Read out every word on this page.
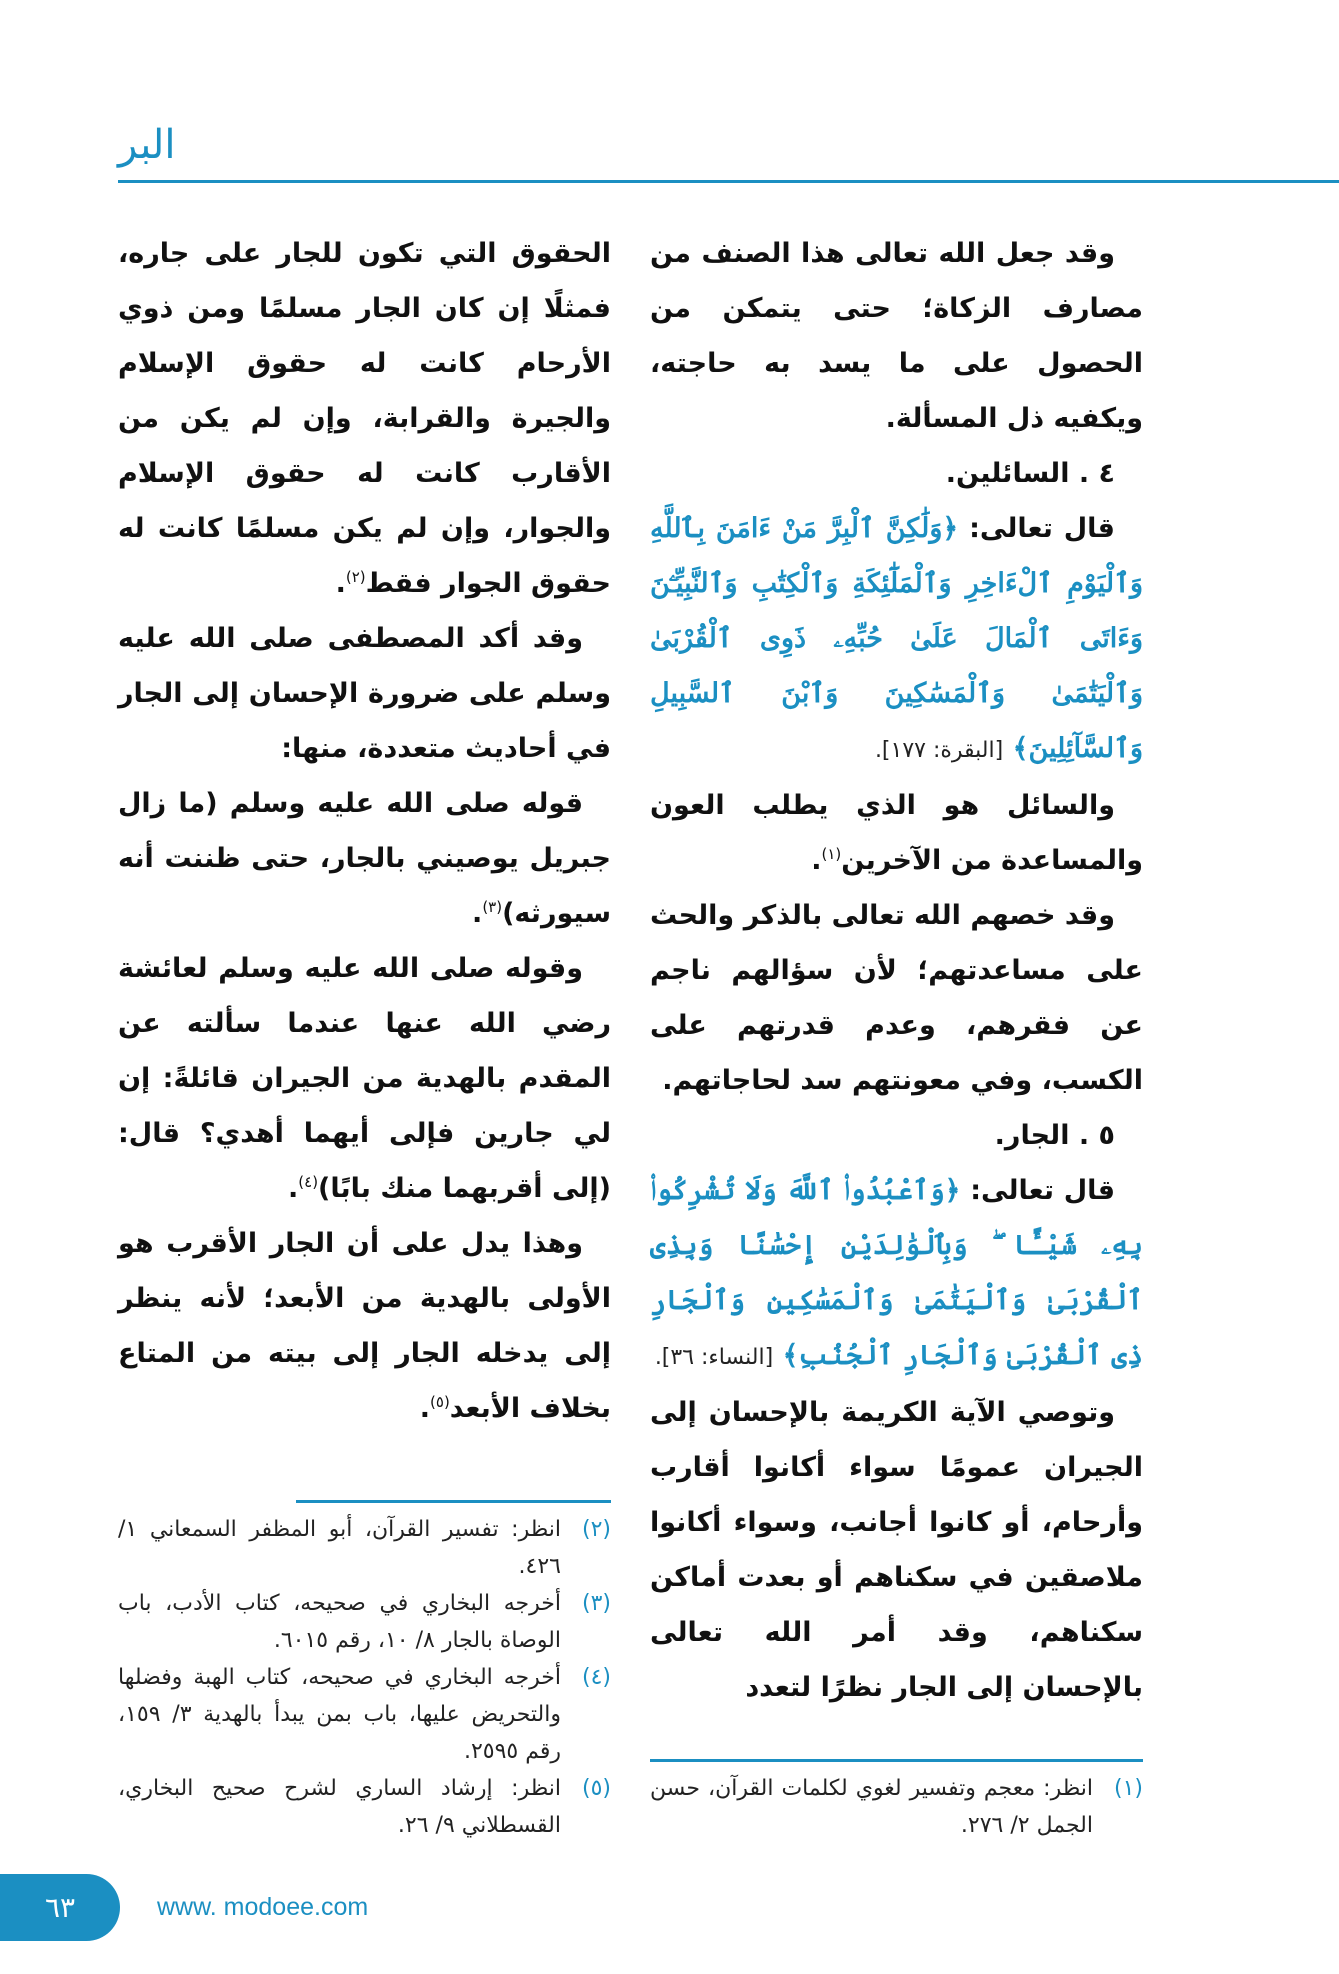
البر

وقد جعل الله تعالى هذا الصنف من مصارف الزكاة؛ حتى يتمكن من الحصول على ما يسد به حاجته، ويكفيه ذل المسألة.

٤ . السائلين.

قال تعالى: ﴿وَلَٰكِنَّ ٱلْبِرَّ مَنْ ءَامَنَ بِٱللَّهِ وَٱلْيَوْمِ ٱلْءَاخِرِ وَٱلْمَلَٰٓئِكَةِ وَٱلْكِتَٰبِ وَٱلنَّبِيِّـۧنَ وَءَاتَى ٱلْمَالَ عَلَىٰ حُبِّهِۦ ذَوِى ٱلْقُرْبَىٰ وَٱلْيَتَٰمَىٰ وَٱلْمَسَٰكِينَ وَٱبْنَ ٱلسَّبِيلِ وَٱلسَّآئِلِينَ﴾ [البقرة: ١٧٧].

والسائل هو الذي يطلب العون والمساعدة من الآخرين$^{(١)}$.

وقد خصهم الله تعالى بالذكر والحث على مساعدتهم؛ لأن سؤالهم ناجم عن فقرهم، وعدم قدرتهم على الكسب، وفي معونتهم سد لحاجاتهم.

٥ . الجار.

قال تعالى: ﴿وَٱعْبُدُوا۟ ٱللَّهَ وَلَا تُشْرِكُوا۟ بِهِۦ شَيْـًٔا ۖ وَبِٱلْوَٰلِدَيْنِ إِحْسَٰنًا وَبِذِى ٱلْقُرْبَىٰ وَٱلْيَتَٰمَىٰ وَٱلْمَسَٰكِينِ وَٱلْجَارِ ذِى ٱلْقُرْبَىٰ وَٱلْجَارِ ٱلْجُنُبِ﴾ [النساء: ٣٦].

وتوصي الآية الكريمة بالإحسان إلى الجيران عمومًا سواء أكانوا أقارب وأرحام، أو كانوا أجانب، وسواء أكانوا ملاصقين في سكناهم أو بعدت أماكن سكناهم، وقد أمر الله تعالى بالإحسان إلى الجار نظرًا لتعدد

(١)
انظر: معجم وتفسير لغوي لكلمات القرآن، حسن الجمل ٢/ ٢٧٦.

الحقوق التي تكون للجار على جاره، فمثلًا إن كان الجار مسلمًا ومن ذوي الأرحام كانت له حقوق الإسلام والجيرة والقرابة، وإن لم يكن من الأقارب كانت له حقوق الإسلام والجوار، وإن لم يكن مسلمًا كانت له حقوق الجوار فقط$^{(٢)}$.

وقد أكد المصطفى صلى الله عليه وسلم على ضرورة الإحسان إلى الجار في أحاديث متعددة، منها:

قوله صلى الله عليه وسلم (ما زال جبريل يوصيني بالجار، حتى ظننت أنه سيورثه)$^{(٣)}$.

وقوله صلى الله عليه وسلم لعائشة رضي الله عنها عندما سألته عن المقدم بالهدية من الجيران قائلةً: إن لي جارين فإلى أيهما أهدي؟ قال: (إلى أقربهما منك بابًا)$^{(٤)}$.

وهذا يدل على أن الجار الأقرب هو الأولى بالهدية من الأبعد؛ لأنه ينظر إلى يدخله الجار إلى بيته من المتاع بخلاف الأبعد$^{(٥)}$.

(٢)
انظر: تفسير القرآن، أبو المظفر السمعاني ١/ ٤٢٦.
(٣)
أخرجه البخاري في صحيحه، كتاب الأدب، باب الوصاة بالجار ٨/ ١٠، رقم ٦٠١٥.
(٤)
أخرجه البخاري في صحيحه، كتاب الهبة وفضلها والتحريض عليها، باب بمن يبدأ بالهدية ٣/ ١٥٩، رقم ٢٥٩٥.
(٥)
انظر: إرشاد الساري لشرح صحيح البخاري، القسطلاني ٩/ ٢٦.
٦٣	www. modoee.com
